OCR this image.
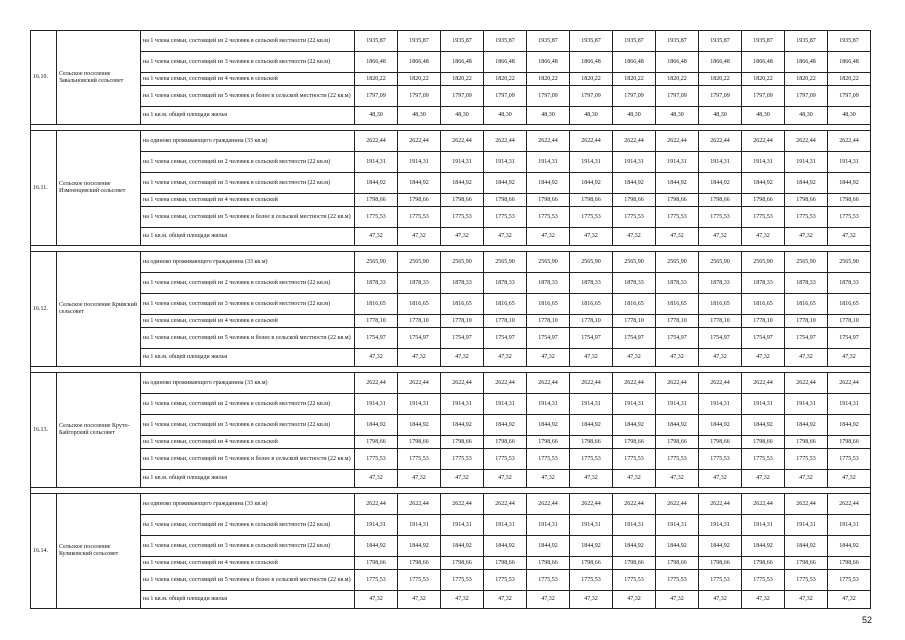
16.10.	Сельское поселение Завальновский сельсовет	на 1 члена семьи, состоящей из 2 человек в сельской местности (22 кв.м)	1935,87	1935,87	1935,87	1935,87	1935,87	1935,87	1935,87	1935,87	1935,87	1935,87	1935,87	1935,87
		на 1 члена семьи, состоящей из 3 человек в сельской местности (22 кв.м)	1866,48	1866,48	1866,48	1866,48	1866,48	1866,48	1866,48	1866,48	1866,48	1866,48	1866,48	1866,48
		на 1 члена семьи, состоящей из 4 человек в сельской	1820,22	1820,22	1820,22	1820,22	1820,22	1820,22	1820,22	1820,22	1820,22	1820,22	1820,22	1820,22
		на 1 члена семьи, состоящей из 5 человек и более в сельской местности (22 кв.м)	1797,09	1797,09	1797,09	1797,09	1797,09	1797,09	1797,09	1797,09	1797,09	1797,09	1797,09	1797,09
		на 1 кв.м. общей площади жилья	48,30	48,30	48,30	48,30	48,30	48,30	48,30	48,30	48,30	48,30	48,30	48,30

16.11.	Сельское поселение Измоенцевский сельсовет	на одиноко проживающего гражданина (33 кв.м)	2622,44	2622,44	2622,44	2622,44	2622,44	2622,44	2622,44	2622,44	2622,44	2622,44	2622,44	2622,44
		на 1 члена семьи, состоящей из 2 человек в сельской местности (22 кв.м)	1914,31	1914,31	1914,31	1914,31	1914,31	1914,31	1914,31	1914,31	1914,31	1914,31	1914,31	1914,31
		на 1 члена семьи, состоящей из 3 человек в сельской местности (22 кв.м)	1844,92	1844,92	1844,92	1844,92	1844,92	1844,92	1844,92	1844,92	1844,92	1844,92	1844,92	1844,92
		на 1 члена семьи, состоящей из 4 человек в сельской	1798,66	1798,66	1798,66	1798,66	1798,66	1798,66	1798,66	1798,66	1798,66	1798,66	1798,66	1798,66
		на 1 члена семьи, состоящей из 5 человек и более в сельской местности (22 кв.м)	1775,53	1775,53	1775,53	1775,53	1775,53	1775,53	1775,53	1775,53	1775,53	1775,53	1775,53	1775,53
		на 1 кв.м. общей площади жилья	47,32	47,32	47,32	47,32	47,32	47,32	47,32	47,32	47,32	47,32	47,32	47,32

16.12.	Сельское поселение Кривский сельсовет	на одиноко проживающего гражданина (33 кв.м)	2565,90	2565,90	2565,90	2565,90	2565,90	2565,90	2565,90	2565,90	2565,90	2565,90	2565,90	2565,90
		на 1 члена семьи, состоящей из 2 человек в сельской местности (22 кв.м)	1878,33	1878,33	1878,33	1878,33	1878,33	1878,33	1878,33	1878,33	1878,33	1878,33	1878,33	1878,33
		на 1 члена семьи, состоящей из 3 человек в сельской местности (22 кв.м)	1816,65	1816,65	1816,65	1816,65	1816,65	1816,65	1816,65	1816,65	1816,65	1816,65	1816,65	1816,65
		на 1 члена семьи, состоящей из 4 человек в сельской	1778,10	1778,10	1778,10	1778,10	1778,10	1778,10	1778,10	1778,10	1778,10	1778,10	1778,10	1778,10
		на 1 члена семьи, состоящей из 5 человек и более в сельской местности (22 кв.м)	1754,97	1754,97	1754,97	1754,97	1754,97	1754,97	1754,97	1754,97	1754,97	1754,97	1754,97	1754,97
		на 1 кв.м. общей площади жилья	47,32	47,32	47,32	47,32	47,32	47,32	47,32	47,32	47,32	47,32	47,32	47,32

16.13.	Сельское поселение Круто-Байгорский сельсовет	на одиноко проживающего гражданина (33 кв.м)	2622,44	2622,44	2622,44	2622,44	2622,44	2622,44	2622,44	2622,44	2622,44	2622,44	2622,44	2622,44
		на 1 члена семьи, состоящей из 2 человек в сельской местности (22 кв.м)	1914,31	1914,31	1914,31	1914,31	1914,31	1914,31	1914,31	1914,31	1914,31	1914,31	1914,31	1914,31
		на 1 члена семьи, состоящей из 3 человек в сельской местности (22 кв.м)	1844,92	1844,92	1844,92	1844,92	1844,92	1844,92	1844,92	1844,92	1844,92	1844,92	1844,92	1844,92
		на 1 члена семьи, состоящей из 4 человек в сельской	1798,66	1798,66	1798,66	1798,66	1798,66	1798,66	1798,66	1798,66	1798,66	1798,66	1798,66	1798,66
		на 1 члена семьи, состоящей из 5 человек и более в сельской местности (22 кв.м)	1775,53	1775,53	1775,53	1775,53	1775,53	1775,53	1775,53	1775,53	1775,53	1775,53	1775,53	1775,53
		на 1 кв.м. общей площади жилья	47,32	47,32	47,32	47,32	47,32	47,32	47,32	47,32	47,32	47,32	47,32	47,32

16.14.	Сельское поселение Куликовский сельсовет	на одиноко проживающего гражданина (33 кв.м)	2622,44	2622,44	2622,44	2622,44	2622,44	2622,44	2622,44	2622,44	2622,44	2622,44	2622,44	2622,44
		на 1 члена семьи, состоящей из 2 человек в сельской местности (22 кв.м)	1914,31	1914,31	1914,31	1914,31	1914,31	1914,31	1914,31	1914,31	1914,31	1914,31	1914,31	1914,31
		на 1 члена семьи, состоящей из 3 человек в сельской местности (22 кв.м)	1844,92	1844,92	1844,92	1844,92	1844,92	1844,92	1844,92	1844,92	1844,92	1844,92	1844,92	1844,92
		на 1 члена семьи, состоящей из 4 человек в сельской	1798,66	1798,66	1798,66	1798,66	1798,66	1798,66	1798,66	1798,66	1798,66	1798,66	1798,66	1798,66
		на 1 члена семьи, состоящей из 5 человек и более в сельской местности (22 кв.м)	1775,53	1775,53	1775,53	1775,53	1775,53	1775,53	1775,53	1775,53	1775,53	1775,53	1775,53	1775,53
		на 1 кв.м. общей площади жилья	47,32	47,32	47,32	47,32	47,32	47,32	47,32	47,32	47,32	47,32	47,32	47,32
52
